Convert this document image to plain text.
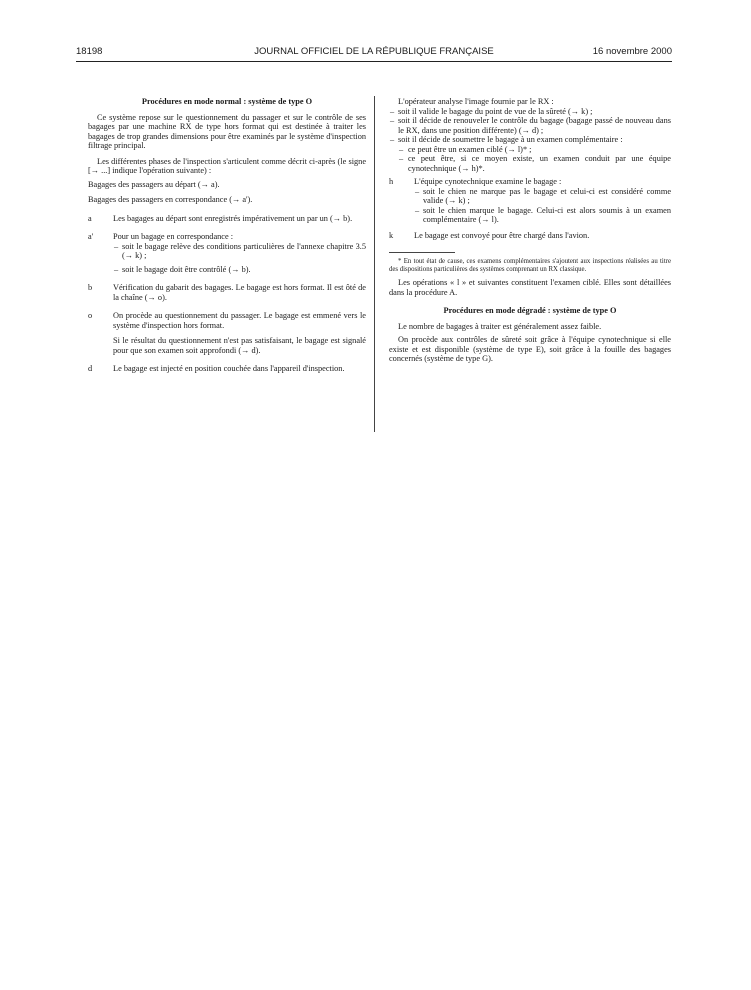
18198	JOURNAL OFFICIEL DE LA RÉPUBLIQUE FRANÇAISE	16 novembre 2000

Procédures en mode normal : système de type O

Ce système repose sur le questionnement du passager et sur le contrôle de ses bagages par une machine RX de type hors format qui est destinée à traiter les bagages de trop grandes dimensions pour être examinés par le système d'inspection filtrage principal.

Les différentes phases de l'inspection s'articulent comme décrit ci-après (le signe [→ ...] indique l'opération suivante) :

Bagages des passagers au départ (→ a).

Bagages des passagers en correspondance (→ a').

a	Les bagages au départ sont enregistrés impérativement un par un (→ b).

a' Pour un bagage en correspondance :

– soit le bagage relève des conditions particulières de l'annexe chapitre 3.5 (→ k) ;

– soit le bagage doit être contrôlé (→ b).

b	Vérification du gabarit des bagages. Le bagage est hors format. Il est ôté de la chaîne (→ o).

o	On procède au questionnement du passager. Le bagage est emmené vers le système d'inspection hors format.

Si le résultat du questionnement n'est pas satisfaisant, le bagage est signalé pour que son examen soit approfondi (→ d).

d	Le bagage est injecté en position couchée dans l'appareil d'inspection.

L'opérateur analyse l'image fournie par le RX :

– soit il valide le bagage du point de vue de la sûreté (→ k) ;

– soit il décide de renouveler le contrôle du bagage (bagage passé de nouveau dans le RX, dans une position différente) (→ d) ;

– soit il décide de soumettre le bagage à un examen complémentaire :

– ce peut être un examen ciblé (→ l)* ;

– ce peut être, si ce moyen existe, un examen conduit par une équipe cynotechnique (→ h)*.

h	L'équipe cynotechnique examine le bagage :

– soit le chien ne marque pas le bagage et celui-ci est considéré comme valide (→ k) ;

– soit le chien marque le bagage. Celui-ci est alors soumis à un examen complémentaire (→ l).

k	Le bagage est convoyé pour être chargé dans l'avion.

* En tout état de cause, ces examens complémentaires s'ajoutent aux inspections réalisées au titre des dispositions particulières des systèmes comprenant un RX classique.

Les opérations « l » et suivantes constituent l'examen ciblé. Elles sont détaillées dans la procédure A.

Procédures en mode dégradé : système de type O

Le nombre de bagages à traiter est généralement assez faible.

On procède aux contrôles de sûreté soit grâce à l'équipe cynotechnique si elle existe et est disponible (système de type E), soit grâce à la fouille des bagages concernés (système de type G).
